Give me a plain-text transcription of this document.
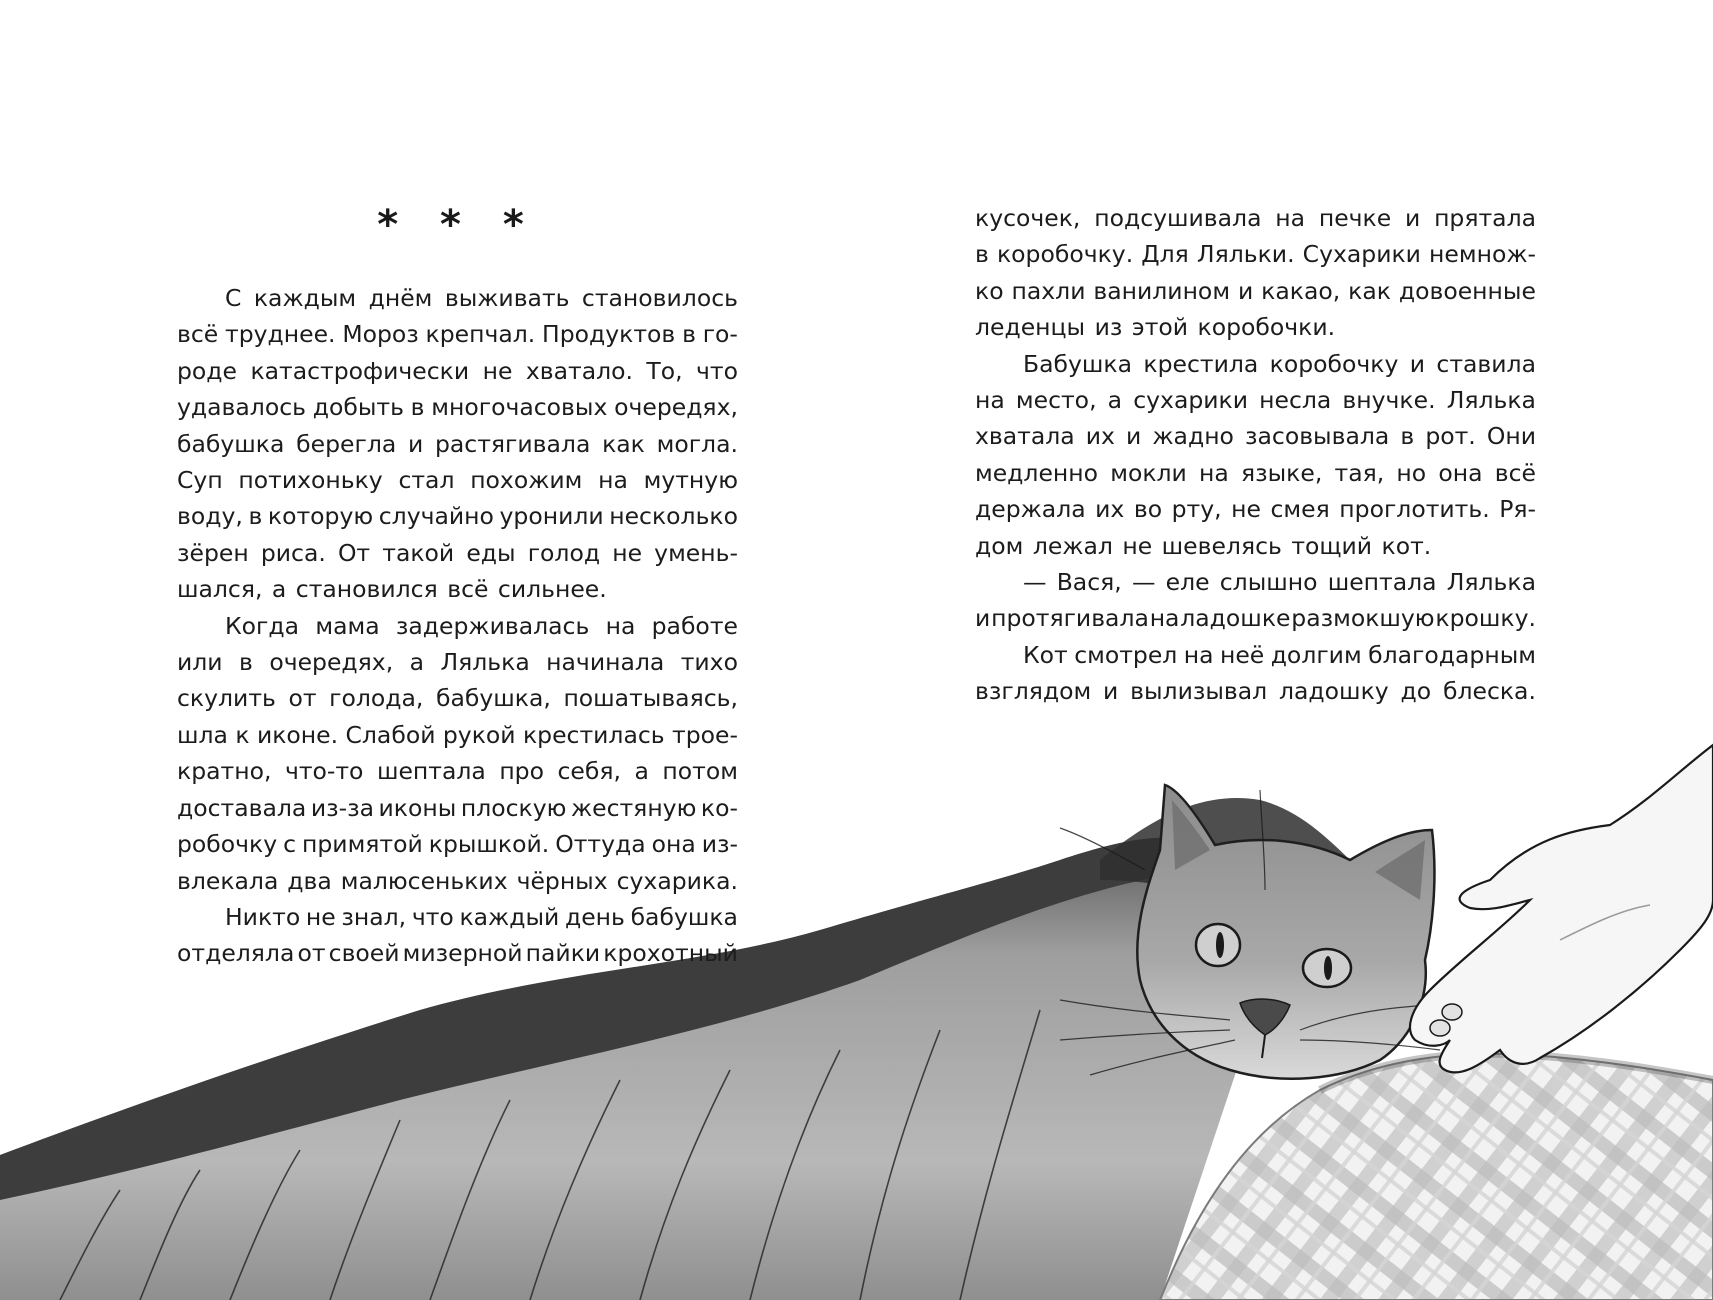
* * *
С каждым днём выживать становилось
всё труднее. Мороз крепчал. Продуктов в го-
роде катастрофически не хватало. То, что
удавалось добыть в многочасовых очередях,
бабушка берегла и растягивала как могла.
Суп потихоньку стал похожим на мутную
воду, в которую случайно уронили несколько
зёрен риса. От такой еды голод не умень-
шался, а становился всё сильнее.
Когда мама задерживалась на работе
или в очередях, а Лялька начинала тихо
скулить от голода, бабушка, пошатываясь,
шла к иконе. Слабой рукой крестилась трое-
кратно, что-то шептала про себя, а потом
доставала из-за иконы плоскую жестяную ко-
робочку с примятой крышкой. Оттуда она из-
влекала два малюсеньких чёрных сухарика.
Никто не знал, что каждый день бабушка
отделяла от своей мизерной пайки крохотный
кусочек, подсушивала на печке и прятала
в коробочку. Для Ляльки. Сухарики немнож-
ко пахли ванилином и какао, как довоенные
леденцы из этой коробочки.
Бабушка крестила коробочку и ставила
на место, а сухарики несла внучке. Лялька
хватала их и жадно засовывала в рот. Они
медленно мокли на языке, тая, но она всё
держала их во рту, не смея проглотить. Ря-
дом лежал не шевелясь тощий кот.
— Вася, — еле слышно шептала Лялька
и протягивала на ладошке размокшую крошку.
Кот смотрел на неё долгим благодарным
взглядом и вылизывал ладошку до блеска.
